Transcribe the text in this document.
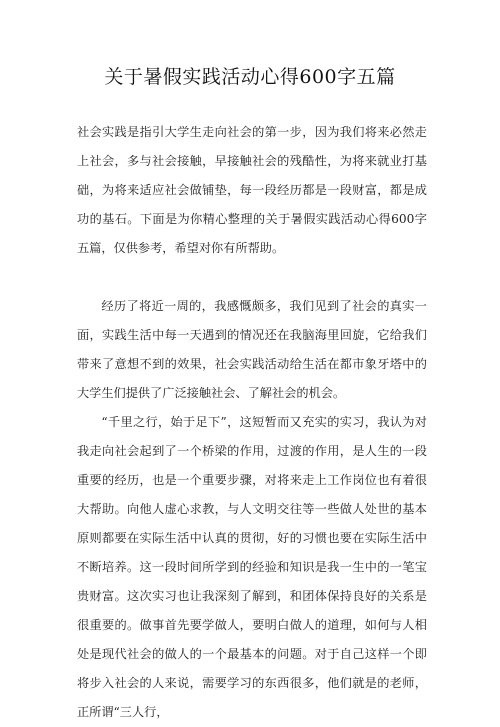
关于暑假实践活动心得600字五篇

社会实践是指引大学生走向社会的第一步，因为我们将来必然走上社会，多与社会接触，早接触社会的残酷性，为将来就业打基础，为将来适应社会做铺垫，每一段经历都是一段财富，都是成功的基石。下面是为你精心整理的关于暑假实践活动心得600字五篇，仅供参考，希望对你有所帮助。

经历了将近一周的，我感慨颇多，我们见到了社会的真实一面，实践生活中每一天遇到的情况还在我脑海里回旋，它给我们带来了意想不到的效果，社会实践活动给生活在都市象牙塔中的大学生们提供了广泛接触社会、了解社会的机会。

“千里之行，始于足下”，这短暂而又充实的实习，我认为对我走向社会起到了一个桥梁的作用，过渡的作用，是人生的一段重要的经历，也是一个重要步骤，对将来走上工作岗位也有着很大帮助。向他人虚心求教，与人文明交往等一些做人处世的基本原则都要在实际生活中认真的贯彻，好的习惯也要在实际生活中不断培养。这一段时间所学到的经验和知识是我一生中的一笔宝贵财富。这次实习也让我深刻了解到，和团体保持良好的关系是很重要的。做事首先要学做人，要明白做人的道理，如何与人相处是现代社会的做人的一个最基本的问题。对于自己这样一个即将步入社会的人来说，需要学习的东西很多，他们就是的老师，正所谓“三人行，
